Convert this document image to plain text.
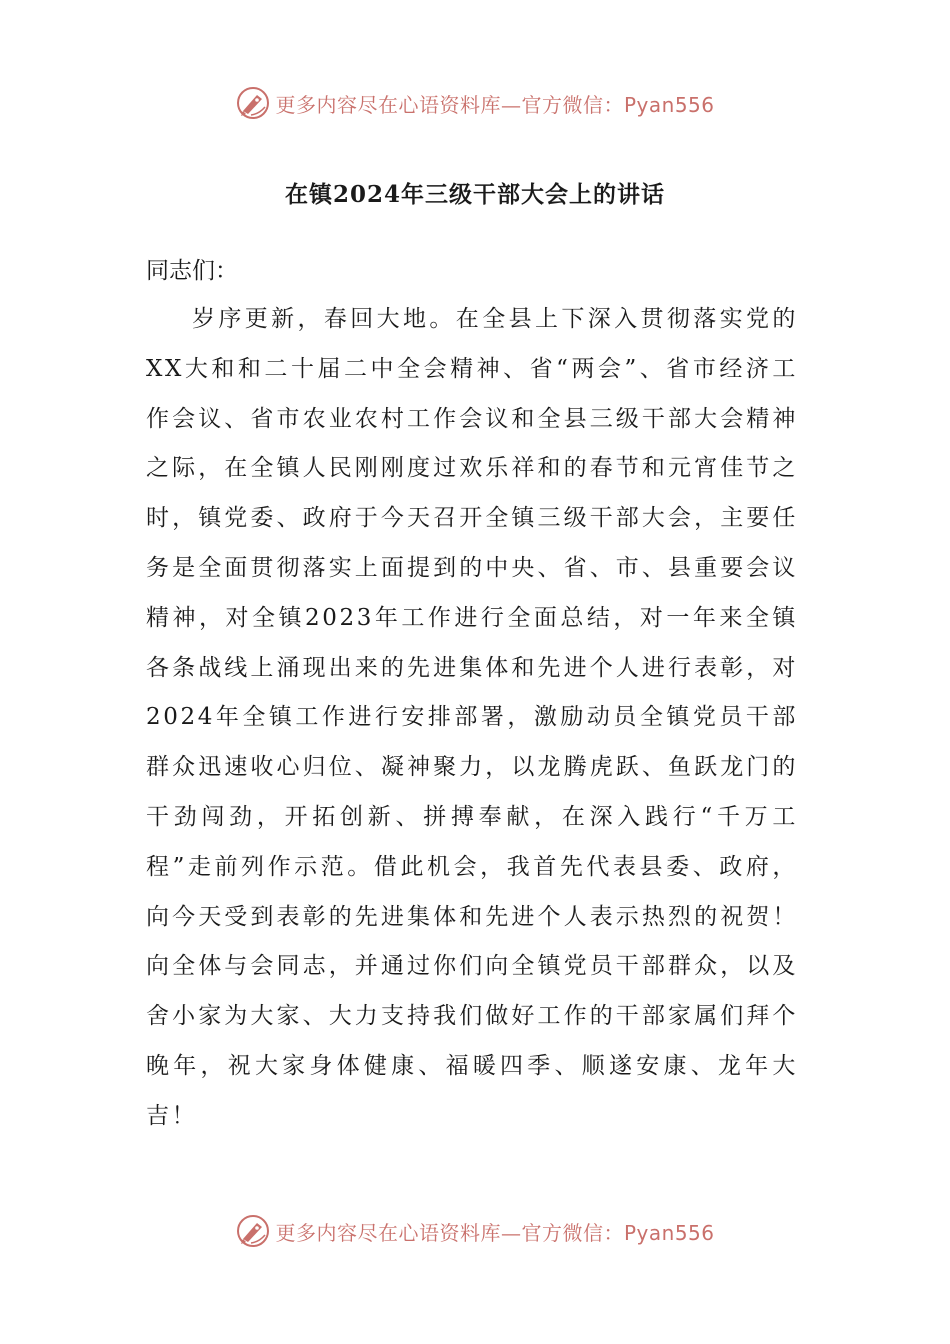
更多内容尽在心语资料库—官方微信：Pyan556
在镇2024年三级干部大会上的讲话

同志们：

岁序更新，春回大地。在全县上下深入贯彻落实党的XX大和和二十届二中全会精神、省“两会”、省市经济工作会议、省市农业农村工作会议和全县三级干部大会精神之际，在全镇人民刚刚度过欢乐祥和的春节和元宵佳节之时，镇党委、政府于今天召开全镇三级干部大会，主要任务是全面贯彻落实上面提到的中央、省、市、县重要会议精神，对全镇2023年工作进行全面总结，对一年来全镇各条战线上涌现出来的先进集体和先进个人进行表彰，对2024年全镇工作进行安排部署，激励动员全镇党员干部群众迅速收心归位、凝神聚力，以龙腾虎跃、鱼跃龙门的干劲闯劲，开拓创新、拼搏奉献，在深入践行“千万工程”走前列作示范。借此机会，我首先代表县委、政府，向今天受到表彰的先进集体和先进个人表示热烈的祝贺！向全体与会同志，并通过你们向全镇党员干部群众，以及舍小家为大家、大力支持我们做好工作的干部家属们拜个晚年，祝大家身体健康、福暖四季、顺遂安康、龙年大吉！

更多内容尽在心语资料库—官方微信：Pyan556
